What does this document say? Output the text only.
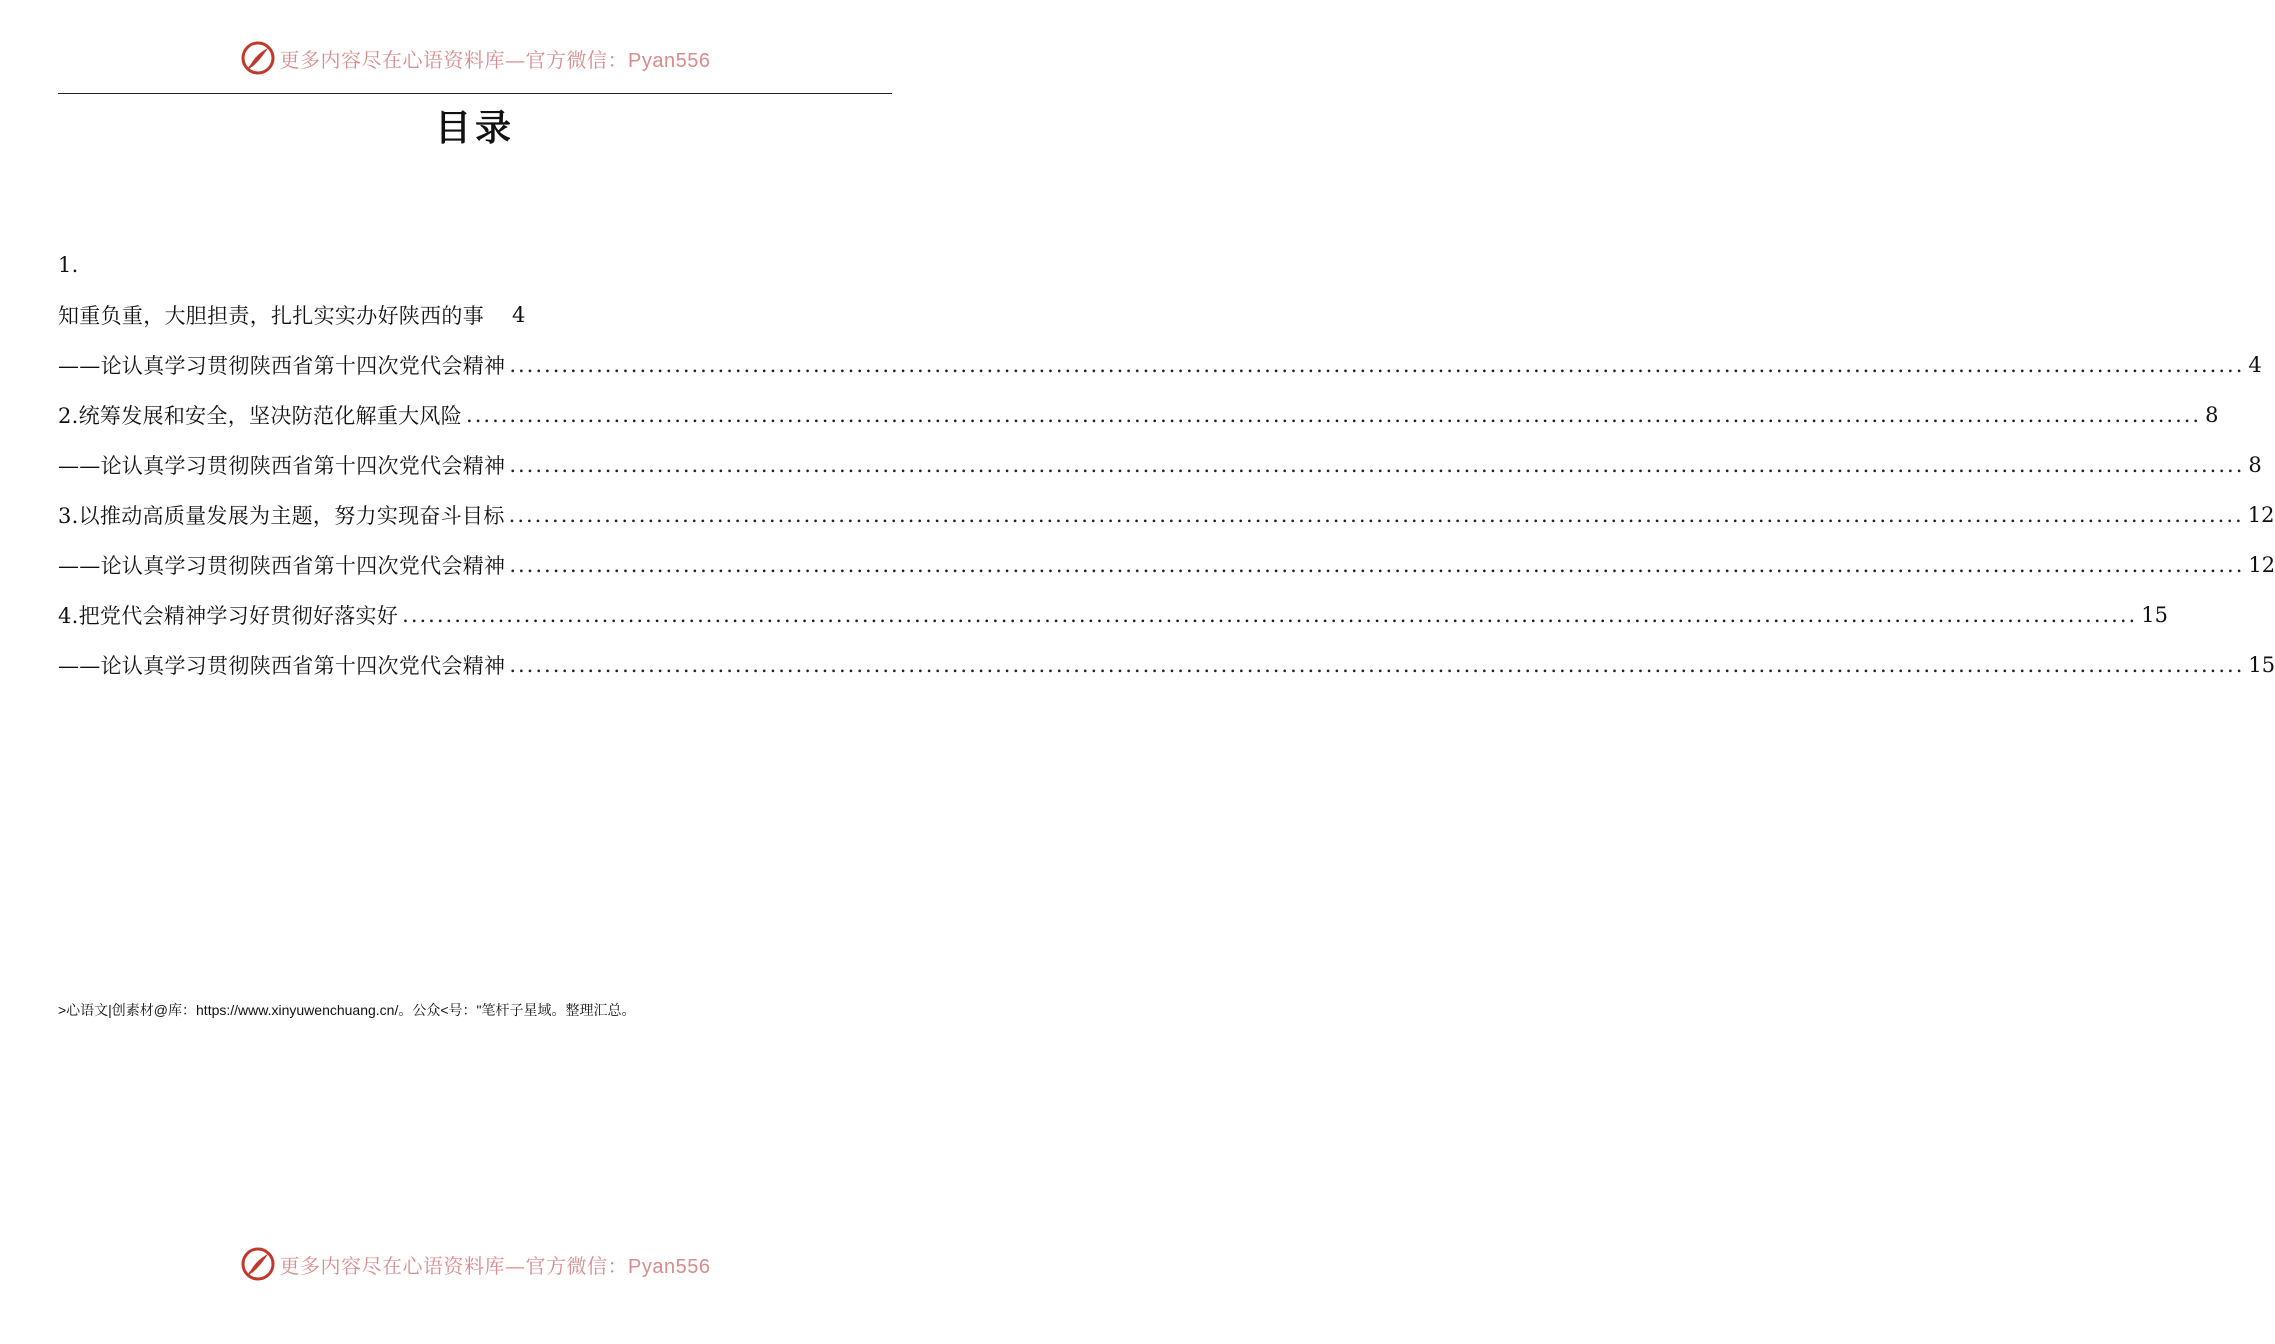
更多内容尽在心语资料库—官方微信：Pyan556
目录
1.
知重负重，大胆担责，扎扎实实办好陕西的事 4
——论认真学习贯彻陕西省第十四次党代会精神 ........................................................................................................................................................................................................ 4
2.统筹发展和安全，坚决防范化解重大风险 ........................................................................................................................................................................................................ 8
——论认真学习贯彻陕西省第十四次党代会精神 ........................................................................................................................................................................................................ 8
3.以推动高质量发展为主题，努力实现奋斗目标 ........................................................................................................................................................................................................ 12
——论认真学习贯彻陕西省第十四次党代会精神 ........................................................................................................................................................................................................ 12
4.把党代会精神学习好贯彻好落实好 ........................................................................................................................................................................................................ 15
——论认真学习贯彻陕西省第十四次党代会精神 ........................................................................................................................................................................................................ 15
>心语文|创素材@库：https://www.xinyuwenchuang.cn/。公众<号："笔杆子星域。整理汇总。
更多内容尽在心语资料库—官方微信：Pyan556
